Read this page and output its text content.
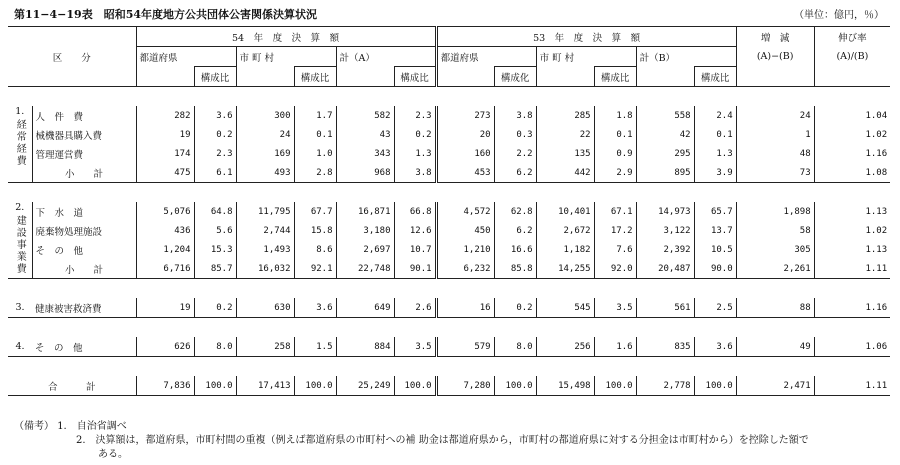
第11−4−19表　昭和54年度地方公共団体公害関係決算状況	（単位：億円，％）
区　　分		54　年　度　決　算　額						53　年　度　決　算　額						増　減	伸び率
		都道府県		市 町 村		計（A）		都道府県		市 町 村		計（B）		(A)−(B)	(A)/(B)
			構成比		構成比		構成比		構成化		構成比		構成比		

1.
経常経費	人　件　費	282	3.6	300	1.7	582	2.3	273	3.8	285	1.8	558	2.4	24	1.04
	械機器具購入費	19	0.2	24	0.1	43	0.2	20	0.3	22	0.1	42	0.1	1	1.02
	管理運営費	174	2.3	169	1.0	343	1.3	160	2.2	135	0.9	295	1.3	48	1.16
	小　　計	475	6.1	493	2.8	968	3.8	453	6.2	442	2.9	895	3.9	73	1.08

2.
建設事業費	下　水　道	5,076	64.8	11,795	67.7	16,871	66.8	4,572	62.8	10,401	67.1	14,973	65.7	1,898	1.13
	廃棄物処理施設	436	5.6	2,744	15.8	3,180	12.6	450	6.2	2,672	17.2	3,122	13.7	58	1.02
	そ　の　他	1,204	15.3	1,493	8.6	2,697	10.7	1,210	16.6	1,182	7.6	2,392	10.5	305	1.13
	小　　計	6,716	85.7	16,032	92.1	22,748	90.1	6,232	85.8	14,255	92.0	20,487	90.0	2,261	1.11

3.	健康被害救済費	19	0.2	630	3.6	649	2.6	16	0.2	545	3.5	561	2.5	88	1.16

4.	そ　の　他	626	8.0	258	1.5	884	3.5	579	8.0	256	1.6	835	3.6	49	1.06

合　　　計		7,836	100.0	17,413	100.0	25,249	100.0	7,280	100.0	15,498	100.0	2,778	100.0	2,471	1.11
（備考） 1.　自治省調べ
2.　決算額は，都道府県，市町村間の重複（例えば都道府県の市町村への補 助金は都道府県から，市町村の都道府県に対する分担金は市町村から）を控除した額で
ある。
